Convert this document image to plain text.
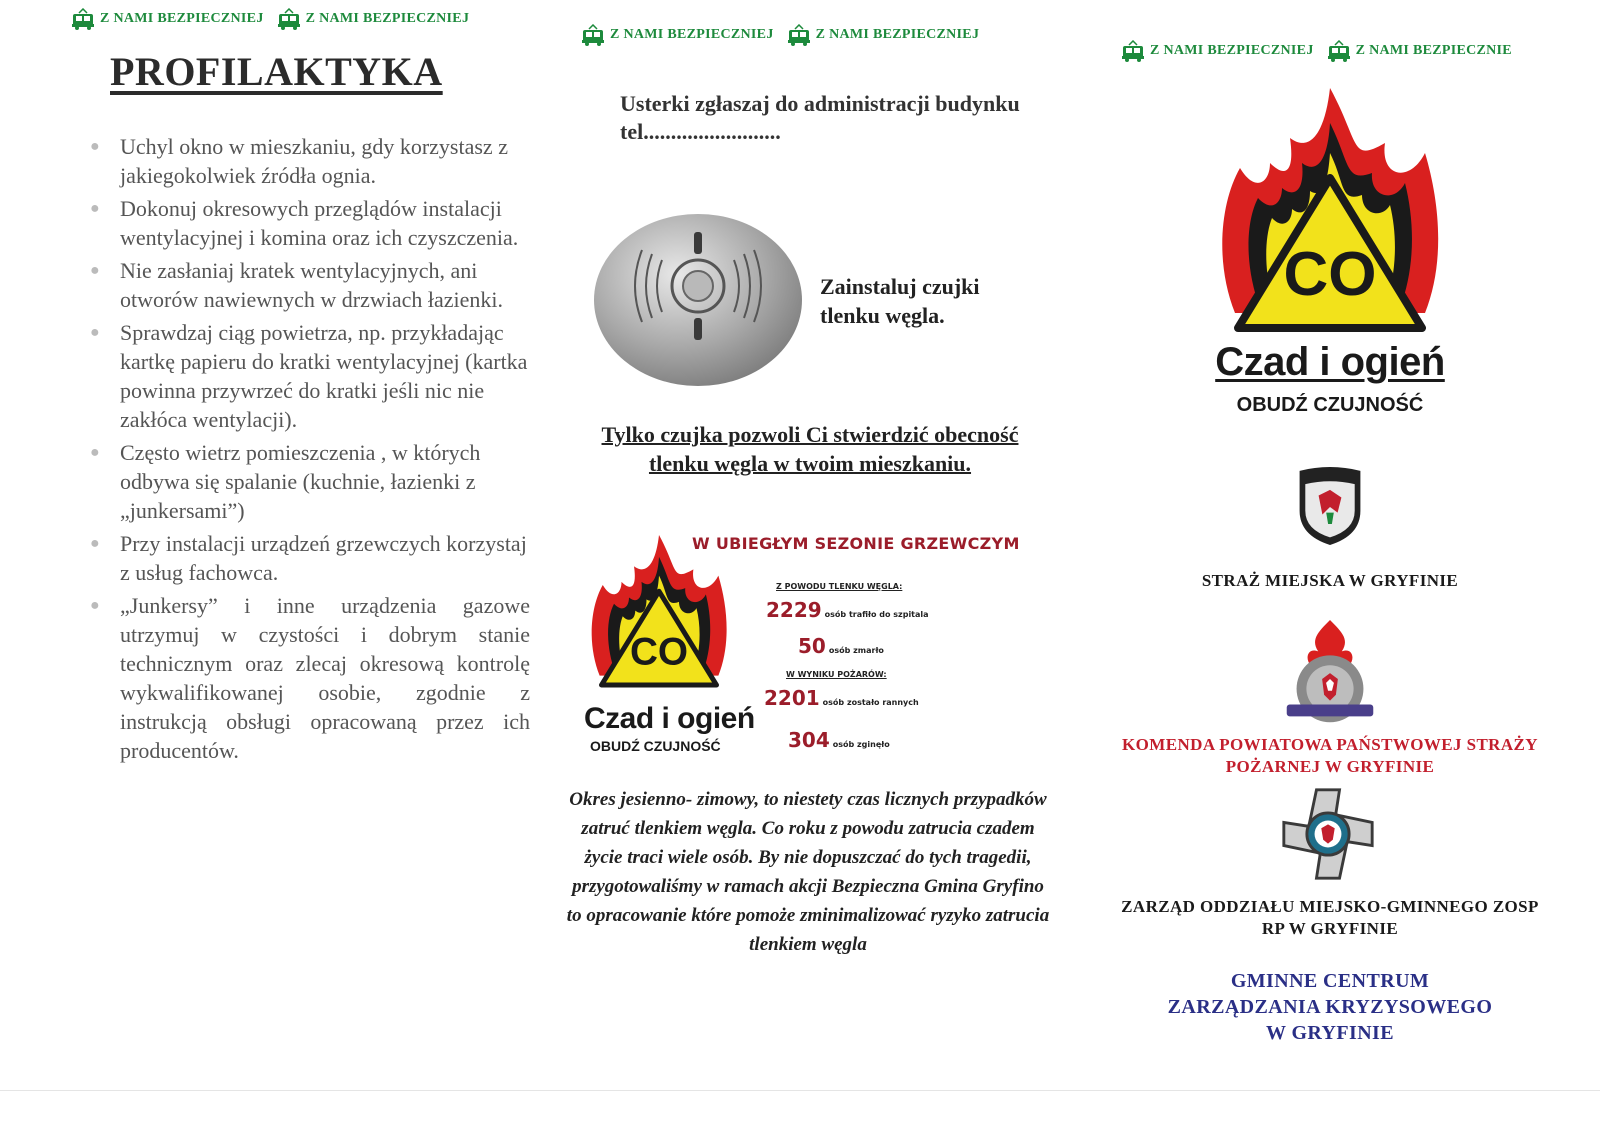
Z NAMI BEZPIECZNIEJ	Z NAMI BEZPIECZNIEJ
PROFILAKTYKA
● Uchyl okno w mieszkaniu, gdy korzystasz z jakiegokolwiek źródła ognia.
● Dokonuj okresowych przeglądów instalacji wentylacyjnej i komina oraz ich czyszczenia.
● Nie zasłaniaj kratek wentylacyjnych, ani otworów nawiewnych w drzwiach łazienki.
● Sprawdzaj ciąg powietrza, np. przykładając kartkę papieru do kratki wentylacyjnej (kartka powinna przywrzeć do kratki jeśli nic nie zakłóca wentylacji).
● Często wietrz pomieszczenia , w których odbywa się spalanie (kuchnie, łazienki z „junkersami”)
● Przy instalacji urządzeń grzewczych korzystaj z usług fachowca.
● „Junkersy” i inne urządzenia gazowe utrzymuj w czystości i dobrym stanie technicznym oraz zlecaj okresową kontrolę wykwalifikowanej osobie, zgodnie z instrukcją obsługi opracowaną przez ich producentów.
Z NAMI BEZPIECZNIEJ	Z NAMI BEZPIECZNIEJ
Usterki zgłaszaj do administracji budynku tel.........................
Zainstaluj czujki tlenku węgla.
Tylko czujka pozwoli Ci stwierdzić obecność tlenku węgla w twoim mieszkaniu.
CO
Czad i ogień
OBUDŹ CZUJNOŚĆ
W UBIEGŁYM SEZONIE GRZEWCZYM
Z POWODU TLENKU WĘGLA:
2229 osób trafiło do szpitala
50 osób zmarło
W WYNIKU POŻARÓW:
2201 osób zostało rannych
304 osób zginęło
Okres jesienno- zimowy, to niestety czas licznych przypadków zatruć tlenkiem węgla. Co roku z powodu zatrucia czadem życie traci wiele osób. By nie dopuszczać do tych tragedii, przygotowaliśmy w ramach akcji Bezpieczna Gmina Gryfino to opracowanie które pomoże zminimalizować ryzyko zatrucia tlenkiem węgla
Z NAMI BEZPIECZNIEJ	Z NAMI BEZPIECZNIE
CO
Czad i ogień
OBUDŹ CZUJNOŚĆ
STRAŻ MIEJSKA W GRYFINIE
KOMENDA POWIATOWA PAŃSTWOWEJ STRAŻY
POŻARNEJ W GRYFINIE
ZARZĄD ODDZIAŁU MIEJSKO-GMINNEGO ZOSP
RP W GRYFINIE
GMINNE CENTRUM
ZARZĄDZANIA KRYZYSOWEGO
W GRYFINIE
